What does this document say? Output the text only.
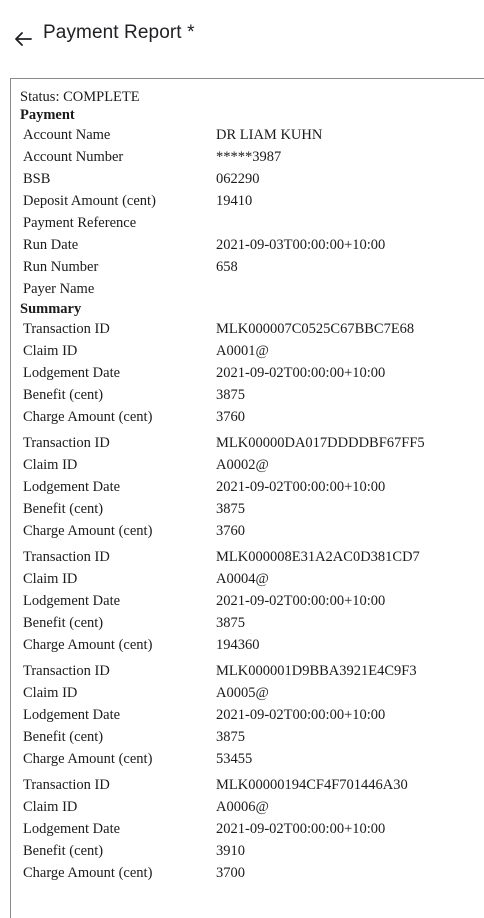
Payment Report *
Status: COMPLETE
Payment
Account Name	DR LIAM KUHN
Account Number	*****3987
BSB	062290
Deposit Amount (cent)	19410
Payment Reference	
Run Date	2021-09-03T00:00:00+10:00
Run Number	658
Payer Name	
Summary
Transaction ID	MLK000007C0525C67BBC7E68
Claim ID	A0001@
Lodgement Date	2021-09-02T00:00:00+10:00
Benefit (cent)	3875
Charge Amount (cent)	3760
Transaction ID	MLK00000DA017DDDDBF67FF5
Claim ID	A0002@
Lodgement Date	2021-09-02T00:00:00+10:00
Benefit (cent)	3875
Charge Amount (cent)	3760
Transaction ID	MLK000008E31A2AC0D381CD7
Claim ID	A0004@
Lodgement Date	2021-09-02T00:00:00+10:00
Benefit (cent)	3875
Charge Amount (cent)	194360
Transaction ID	MLK000001D9BBA3921E4C9F3
Claim ID	A0005@
Lodgement Date	2021-09-02T00:00:00+10:00
Benefit (cent)	3875
Charge Amount (cent)	53455
Transaction ID	MLK00000194CF4F701446A30
Claim ID	A0006@
Lodgement Date	2021-09-02T00:00:00+10:00
Benefit (cent)	3910
Charge Amount (cent)	3700
